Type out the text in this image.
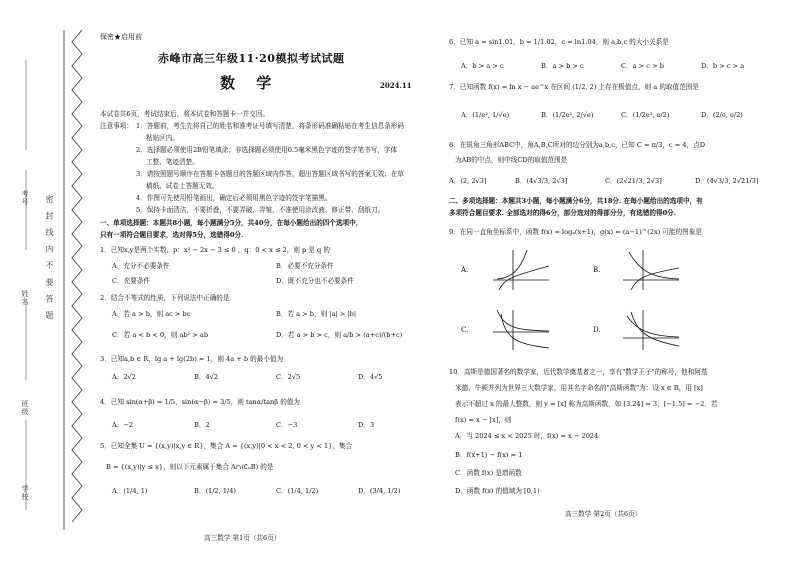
考号
姓名
班级
学校
密 封 线 内 不 要 答 题
保密★启用前
赤峰市高三年级11·20模拟考试试题
数 学	2024.11
本试卷共6页，考试结束后，将本试卷和答题卡一并交回。
注意事项： 1．答题前，考生先将自己的姓名和准考证号填写清楚，将条形码准确粘贴在考生信息条形码
粘贴区内。
2．选择题必须使用2B铅笔填涂；非选择题必须使用0.5毫米黑色字迹的签字笔书写，字体
工整、笔迹清楚。
3．请按照题号顺序在答题卡各题目的答题区域内作答，超出答题区域书写的答案无效；在草
稿纸、试卷上答题无效。
4．作图可先使用铅笔画出，确定后必须用黑色字迹的签字笔描黑。
5．保持卡面清洁，不要折叠，不要弄破、弄皱，不准使用涂改液、修正带、刮纸刀。
一、单项选择题：本题共8小题，每小题满分5分，共40分，在每小题给出的四个选项中，
只有一项符合题目要求，选对得5分，选错得0分.
1．已知x,y是两个实数，p：x² − 2x − 3 ≤ 0 ，q：0 < x ≤ 2，则 p 是 q 的
A．充分不必要条件	B．必要不充分条件
C．充要条件	D．既不充分也不必要条件
2．结合不等式的性质，下列说法中正确的是
A．若 a > b，则 ac > bc	B．若 a > b，则 |a| > |b|
C．若 a < b < 0，则 ab² > ab	D．若 a > b > c，则 a/b > (a+c)/(b+c)
3．已知a,b ∈ R，lg a + lg(2b) = 1，则 4a + b 的最小值为
A．2√2	B．4√2	C．2√5	D．4√5
4．已知 sin(α+β) = 1/5，sin(α−β) = 3/5，则 tanα/tanβ 的值为
A．−2	B．2	C．−3	D．3
5．已知全集 U = {(x,y)|x,y ∈ R}，集合 A = {(x,y)|0 < x < 2, 0 < y < 1}，集合
B = {(x,y)|y ≤ x}，则以下元素属于集合 A∩(∁ᵤB) 的是
A．(1/4, 1)	B．(1/2, 1/4)	C．(1/4, 1/2)	D．(3/4, 1/2)
高三数学 第1页（共6页）
6．已知 a = sin1.01，b = 1/1.02，c = ln1.04，则 a,b,c 的大小关系是
A．b > a > c	B．a > b > c	C．a > c > b	D．b > c > a
7．已知函数 f(x) = ln x − ae^x 在区间 (1/2, 2) 上存在极值点，则 a 的取值范围是
A．(1/e², 1/√e)	B．(1/2e², 2/√e)	C．(1/2e², e/2)	D．(2/e, e/2)
8．在锐角三角形ABC中，角A,B,C所对的边分别为a,b,c，已知 C = π/3，c = 4，点D
为AB的中点，则中线CD的取值范围是
A．(2, 2√3]	B．(4√3/3, 2√3]	C．(2√21/3, 2√3]	D．(4√3/3, 2√21/3]
二、多项选择题：本题共3小题，每小题满分6分，共18分. 在每小题给出的选项中，有
多项符合题目要求. 全部选对的得6分，部分选对的得部分分，有选错的得0分.
9．在同一直角坐标系中，函数 f(x) = logₐ(x+1)，g(x) = (a−1)^(2x) 可能的图象是
A.	B.
C.	D.
10．高斯是德国著名的数学家，近代数学奠基者之一，享有"数学王子"的称号，他和阿基
米德、牛顿并列为世界三大数学家，用其名字命名的"高斯函数"为：设 x ∈ R，用 [x]
表示不超过 x 的最大整数，则 y = [x] 称为高斯函数，如 [3.24] = 3，[−1.5] = −2．若
f(x) = x − [x]，则
A．当 2024 ≤ x < 2025 时，f(x) = x − 2024
B．f(x+1) − f(x) = 1
C．函数 f(x) 是增函数
D．函数 f(x) 的值域为 [0,1)
高三数学 第2页（共6页）
